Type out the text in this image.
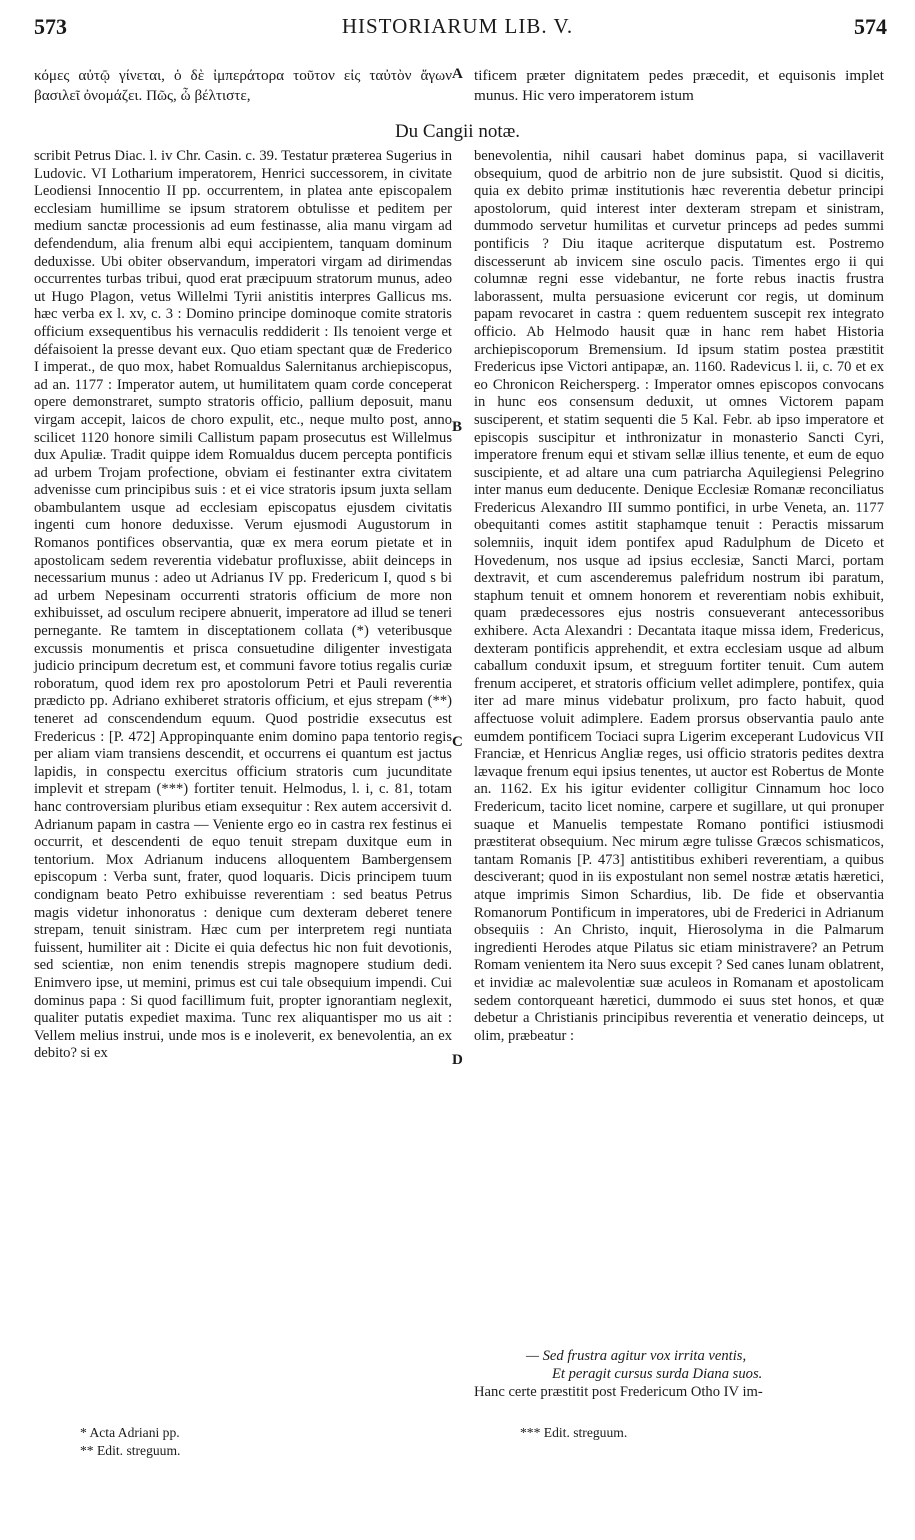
573	HISTORIARUM LIB. V.	574

κόμες αὐτῷ γίνεται, ὁ δὲ ἰμπεράτορα τοῦτον εἰς ταὐτὸν ἄγων βασιλεῖ ὀνομάζει. Πῶς, ὦ βέλτιστε,

tificem præter dignitatem pedes præcedit, et equisonis implet munus. Hic vero imperatorem istum

A
B
C
D
Du Cangii notæ.

scribit Petrus Diac. l. iv Chr. Casin. c. 39. Testatur præterea Sugerius in Ludovic. VI Lotharium imperatorem, Henrici successorem, in civitate Leodiensi Innocentio II pp. occurrentem, in platea ante episcopalem ecclesiam humillime se ipsum stratorem obtulisse et peditem per medium sanctæ processionis ad eum festinasse, alia manu virgam ad defendendum, alia frenum albi equi accipientem, tanquam dominum deduxisse. Ubi obiter observandum, imperatori virgam ad dirimendas occurrentes turbas tribui, quod erat præcipuum stratorum munus, adeo ut Hugo Plagon, vetus Willelmi Tyrii anistitis interpres Gallicus ms. hæc verba ex l. xv, c. 3 : Domino principe dominoque comite stratoris officium exsequentibus his vernaculis reddiderit : Ils tenoient verge et défaisoient la presse devant eux. Quo etiam spectant quæ de Frederico I imperat., de quo mox, habet Romualdus Salernitanus archiepiscopus, ad an. 1177 : Imperator autem, ut humilitatem quam corde conceperat opere demonstraret, sumpto stratoris officio, pallium deposuit, manu virgam accepit, laicos de choro expulit, etc., neque multo post, anno scilicet 1120 honore simili Callistum papam prosecutus est Willelmus dux Apuliæ. Tradit quippe idem Romualdus ducem percepta pontificis ad urbem Trojam profectione, obviam ei festinanter extra civitatem advenisse cum principibus suis : et ei vice stratoris ipsum juxta sellam obambulantem usque ad ecclesiam episcopatus ejusdem civitatis ingenti cum honore deduxisse. Verum ejusmodi Augustorum in Romanos pontifices observantia, quæ ex mera eorum pietate et in apostolicam sedem reverentia videbatur profluxisse, abiit deinceps in necessarium munus : adeo ut Adrianus IV pp. Fredericum I, quod s bi ad urbem Nepesinam occurrenti stratoris officium de more non exhibuisset, ad osculum recipere abnuerit, imperatore ad illud se teneri pernegante. Re tamtem in disceptationem collata (*) veteribusque excussis monumentis et prisca consuetudine diligenter investigata judicio principum decretum est, et communi favore totius regalis curiæ roboratum, quod idem rex pro apostolorum Petri et Pauli reverentia prædicto pp. Adriano exhiberet stratoris officium, et ejus strepam (**) teneret ad conscendendum equum. Quod postridie exsecutus est Fredericus : [P. 472] Appropinquante enim domino papa tentorio regis per aliam viam transiens descendit, et occurrens ei quantum est jactus lapidis, in conspectu exercitus officium stratoris cum jucunditate implevit et strepam (***) fortiter tenuit. Helmodus, l. i, c. 81, totam hanc controversiam pluribus etiam exsequitur : Rex autem accersivit d. Adrianum papam in castra — Veniente ergo eo in castra rex festinus ei occurrit, et descendenti de equo tenuit strepam duxitque eum in tentorium. Mox Adrianum inducens alloquentem Bambergensem episcopum : Verba sunt, frater, quod loquaris. Dicis principem tuum condignam beato Petro exhibuisse reverentiam : sed beatus Petrus magis videtur inhonoratus : denique cum dexteram deberet tenere strepam, tenuit sinistram. Hæc cum per interpretem regi nuntiata fuissent, humiliter ait : Dicite ei quia defectus hic non fuit devotionis, sed scientiæ, non enim tenendis strepis magnopere studium dedi. Enimvero ipse, ut memini, primus est cui tale obsequium impendi. Cui dominus papa : Si quod facillimum fuit, propter ignorantiam neglexit, qualiter putatis expediet maxima. Tunc rex aliquantisper mo us ait : Vellem melius instrui, unde mos is e inoleverit, ex benevolentia, an ex debito? si ex

benevolentia, nihil causari habet dominus papa, si vacillaverit obsequium, quod de arbitrio non de jure subsistit. Quod si dicitis, quia ex debito primæ institutionis hæc reverentia debetur principi apostolorum, quid interest inter dexteram strepam et sinistram, dummodo servetur humilitas et curvetur princeps ad pedes summi pontificis ? Diu itaque acriterque disputatum est. Postremo discesserunt ab invicem sine osculo pacis. Timentes ergo ii qui columnæ regni esse videbantur, ne forte rebus inactis frustra laborassent, multa persuasione evicerunt cor regis, ut dominum papam revocaret in castra : quem reduentem suscepit rex integrato officio. Ab Helmodo hausit quæ in hanc rem habet Historia archiepiscoporum Bremensium. Id ipsum statim postea præstitit Fredericus ipse Victori antipapæ, an. 1160. Radevicus l. ii, c. 70 et ex eo Chronicon Reichersperg. : Imperator omnes episcopos convocans in hunc eos consensum deduxit, ut omnes Victorem papam susciperent, et statim sequenti die 5 Kal. Febr. ab ipso imperatore et episcopis suscipitur et inthronizatur in monasterio Sancti Cyri, imperatore frenum equi et stivam sellæ illius tenente, et eum de equo suscipiente, et ad altare una cum patriarcha Aquilegiensi Pelegrino inter manus eum deducente. Denique Ecclesiæ Romanæ reconciliatus Fredericus Alexandro III summo pontifici, in urbe Veneta, an. 1177 obequitanti comes astitit staphamque tenuit : Peractis missarum solemniis, inquit idem pontifex apud Radulphum de Diceto et Hovedenum, nos usque ad ipsius ecclesiæ, Sancti Marci, portam dextravit, et cum ascenderemus palefridum nostrum ibi paratum, staphum tenuit et omnem honorem et reverentiam nobis exhibuit, quam prædecessores ejus nostris consueverant antecessoribus exhibere. Acta Alexandri : Decantata itaque missa idem, Fredericus, dexteram pontificis apprehendit, et extra ecclesiam usque ad album caballum conduxit ipsum, et streguum fortiter tenuit. Cum autem frenum acciperet, et stratoris officium vellet adimplere, pontifex, quia iter ad mare minus videbatur prolixum, pro facto habuit, quod affectuose voluit adimplere. Eadem prorsus observantia paulo ante eumdem pontificem Tociaci supra Ligerim exceperant Ludovicus VII Franciæ, et Henricus Angliæ reges, usi officio stratoris pedites dextra lævaque frenum equi ipsius tenentes, ut auctor est Robertus de Monte an. 1162. Ex his igitur evidenter colligitur Cinnamum hoc loco Fredericum, tacito licet nomine, carpere et sugillare, ut qui pronuper suaque et Manuelis tempestate Romano pontifici istiusmodi præstiterat obsequium. Nec mirum ægre tulisse Græcos schismaticos, tantam Romanis [P. 473] antistitibus exhiberi reverentiam, a quibus desciverant; quod in iis expostulant non semel nostræ ætatis hæretici, atque imprimis Simon Schardius, lib. De fide et observantia Romanorum Pontificum in imperatores, ubi de Frederici in Adrianum obsequiis : An Christo, inquit, Hierosolyma in die Palmarum ingredienti Herodes atque Pilatus sic etiam ministravere? an Petrum Romam venientem ita Nero suus excepit ? Sed canes lunam oblatrent, et invidiæ ac malevolentiæ suæ aculeos in Romanam et apostolicam sedem contorqueant hæretici, dummodo ei suus stet honos, et quæ debetur a Christianis principibus reverentia et veneratio deinceps, ut olim, præbeatur :

— Sed frustra agitur vox irrita ventis,
Et peragit cursus surda Diana suos.
Hanc certe præstitit post Fredericum Otho IV im-
* Acta Adriani pp.
** Edit. streguum.
*** Edit. streguum.
